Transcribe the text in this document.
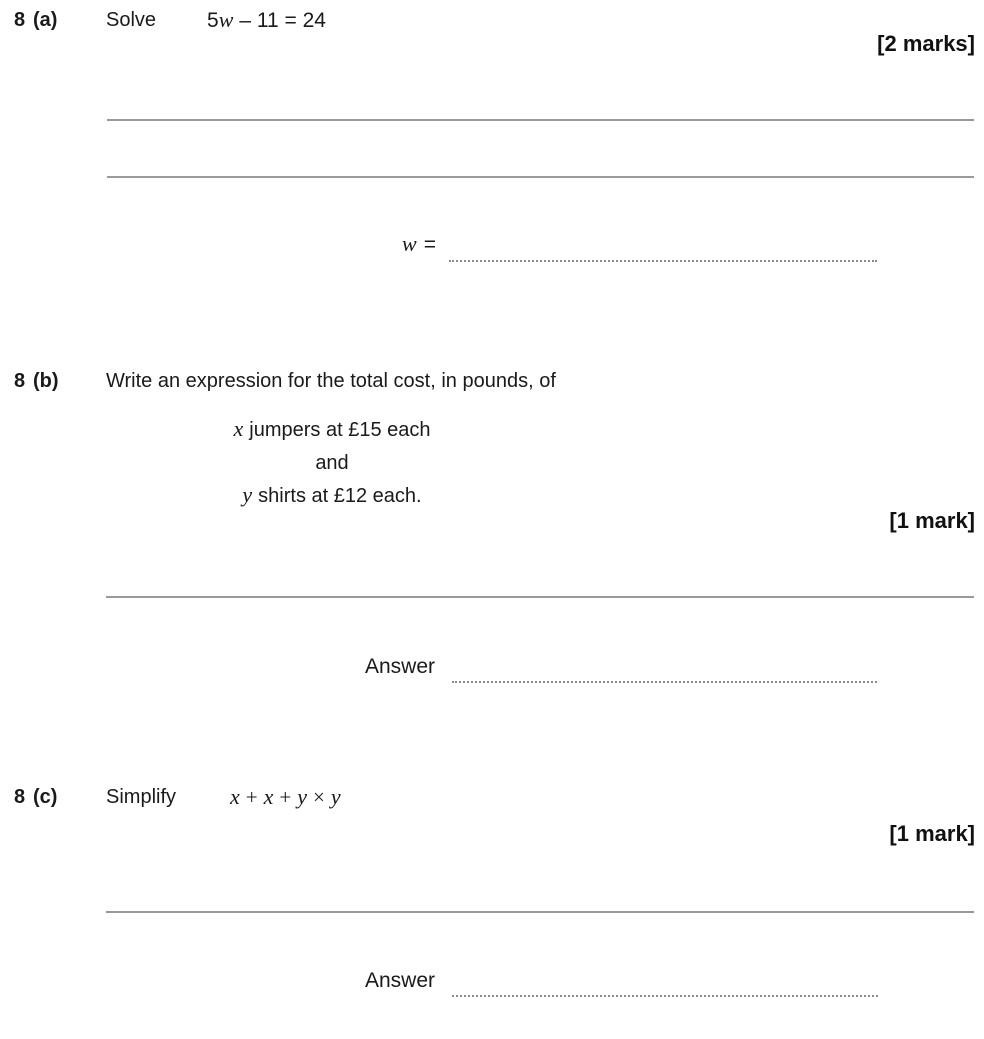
8 (a) Solve 5w – 11 = 24
[2 marks]
w =
8 (b) Write an expression for the total cost, in pounds, of
x jumpers at £15 each
and
y shirts at £12 each.
[1 mark]
Answer
8 (c) Simplify x + x + y × y
[1 mark]
Answer
